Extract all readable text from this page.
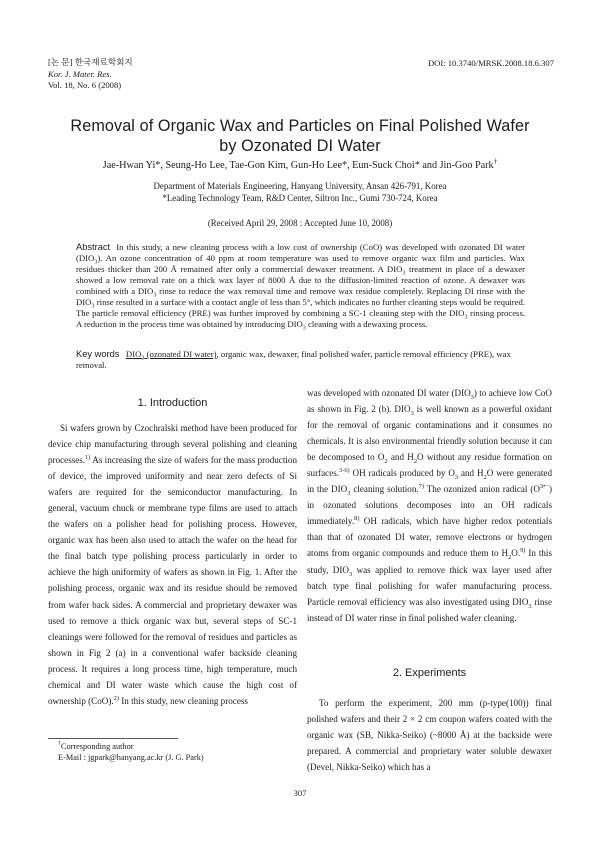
[논 문] 한국재료학회지
Kor. J. Mater. Res.
Vol. 18, No. 6 (2008)
DOI: 10.3740/MRSK.2008.18.6.307
Removal of Organic Wax and Particles on Final Polished Wafer by Ozonated DI Water
Jae-Hwan Yi*, Seung-Ho Lee, Tae-Gon Kim, Gun-Ho Lee*, Eun-Suck Choi* and Jin-Goo Park†
Department of Materials Engineering, Hanyang University, Ansan 426-791, Korea
*Leading Technology Team, R&D Center, Siltron Inc., Gumi 730-724, Korea
(Received April 29, 2008 : Accepted June 10, 2008)
Abstract In this study, a new cleaning process with a low cost of ownership (CoO) was developed with ozonated DI water $(DIO_3)$. An ozone concentration of 40 ppm at room temperature was used to remove organic wax film and particles. Wax residues thicker than 200 Å remained after only a commercial dewaxer treatment. A $DIO_3$ treatment in place of a dewaxer showed a low removal rate on a thick wax layer of 8000 Å due to the diffusion-limited reaction of ozone. A dewaxer was combined with a $DIO_3$ rinse to reduce the wax removal time and remove wax residue completely. Replacing DI rinse with the $DIO_3$ rinse resulted in a surface with a contact angle of less than 5°, which indicates no further cleaning steps would be required. The particle removal efficiency (PRE) was further improved by combining a SC-1 cleaning step with the $DIO_3$ rinsing process. A reduction in the process time was obtained by introducing $DIO_3$ cleaning with a dewaxing process.
Key words $DIO_3$ (ozonated DI water), organic wax, dewaxer, final polished wafer, particle removal efficiency (PRE), wax removal.
1. Introduction

Si wafers grown by Czochralski method have been produced for device chip manufacturing through several polishing and cleaning processes.$^{1)}$ As increasing the size of wafers for the mass production of device, the improved uniformity and near zero defects of Si wafers are required for the semiconductor manufacturing. In general, vacuum chuck or membrane type films are used to attach the wafers on a polisher head for polishing process. However, organic wax has been also used to attach the wafer on the head for the final batch type polishing process particularly in order to achieve the high uniformity of wafers as shown in Fig. 1. After the polishing process, organic wax and its residue should be removed from wafer back sides. A commercial and proprietary dewaxer was used to remove a thick organic wax but, several steps of SC-1 cleanings were followed for the removal of residues and particles as shown in Fig 2 (a) in a conventional wafer backside cleaning process. It requires a long process time, high temperature, much chemical and DI water waste which cause the high cost of ownership (CoO).$^{2)}$ In this study, new cleaning process

was developed with ozonated DI water $(DIO_3)$ to achieve low CoO as shown in Fig. 2 (b). $DIO_3$ is well known as a powerful oxidant for the removal of organic contaminations and it consumes no chemicals. It is also environmental friendly solution because it can be decomposed to $O_2$ and $H_2O$ without any residue formation on surfaces.$^{3-6)}$ OH radicals produced by $O_3$ and $H_2O$ were generated in the $DIO_3$ cleaning solution.$^{7)}$ The ozonized anion radical $(O^{3•-})$ in ozonated solutions decomposes into an OH radicals immediately.$^{8)}$ OH radicals, which have higher redox potentials than that of ozonated DI water, remove electrons or hydrogen atoms from organic compounds and reduce them to $H_2O.^{9)}$ In this study, $DIO_3$ was applied to remove thick wax layer used after batch type final polishing for wafer manufacturing process. Particle removal efficiency was also investigated using $DIO_3$ rinse instead of DI water rinse in final polished wafer cleaning.

2. Experiments

To perform the experiment, 200 mm (p-type(100)) final polished wafers and their 2 × 2 cm coupon wafers coated with the organic wax (SB, Nikka-Seiko) (~8000 Å) at the backside were prepared. A commercial and proprietary water soluble dewaxer (Devel, Nikka-Seiko) which has a

†Corresponding author
E-Mail : jgpark@hanyang.ac.kr (J. G. Park)
307
